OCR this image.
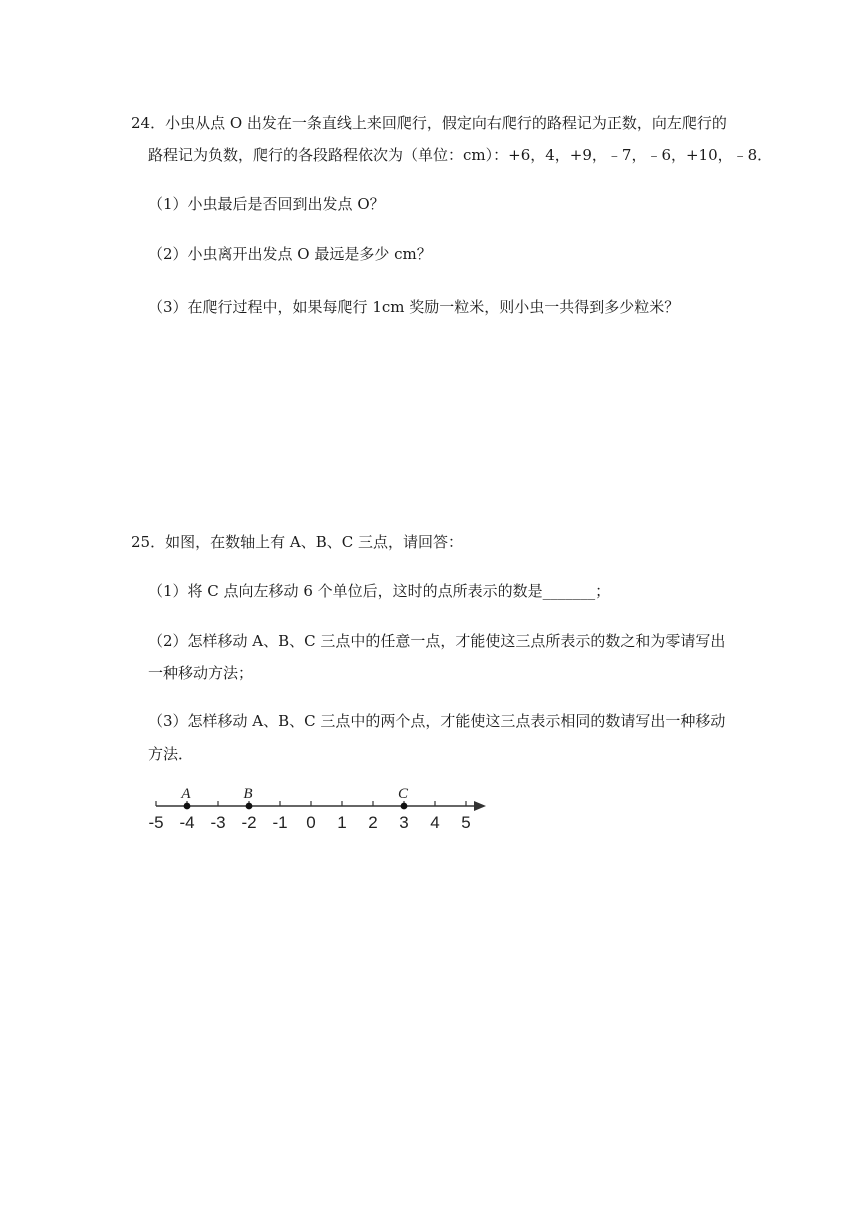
24．小虫从点 O 出发在一条直线上来回爬行，假定向右爬行的路程记为正数，向左爬行的
路程记为负数，爬行的各段路程依次为（单位：cm）：+6，4，+9，﹣7，﹣6，+10，﹣8．
（1）小虫最后是否回到出发点 O？
（2）小虫离开出发点 O 最远是多少 cm？
（3）在爬行过程中，如果每爬行 1cm 奖励一粒米，则小虫一共得到多少粒米？
25．如图，在数轴上有 A、B、C 三点，请回答：
（1）将 C 点向左移动 6 个单位后，这时的点所表示的数是_______；
（2）怎样移动 A、B、C 三点中的任意一点，才能使这三点所表示的数之和为零请写出
一种移动方法；
（3）怎样移动 A、B、C 三点中的两个点，才能使这三点表示相同的数请写出一种移动
方法．
-5 -4 -3 -2 -1 0 1 2 3 4 5
A	B	C
